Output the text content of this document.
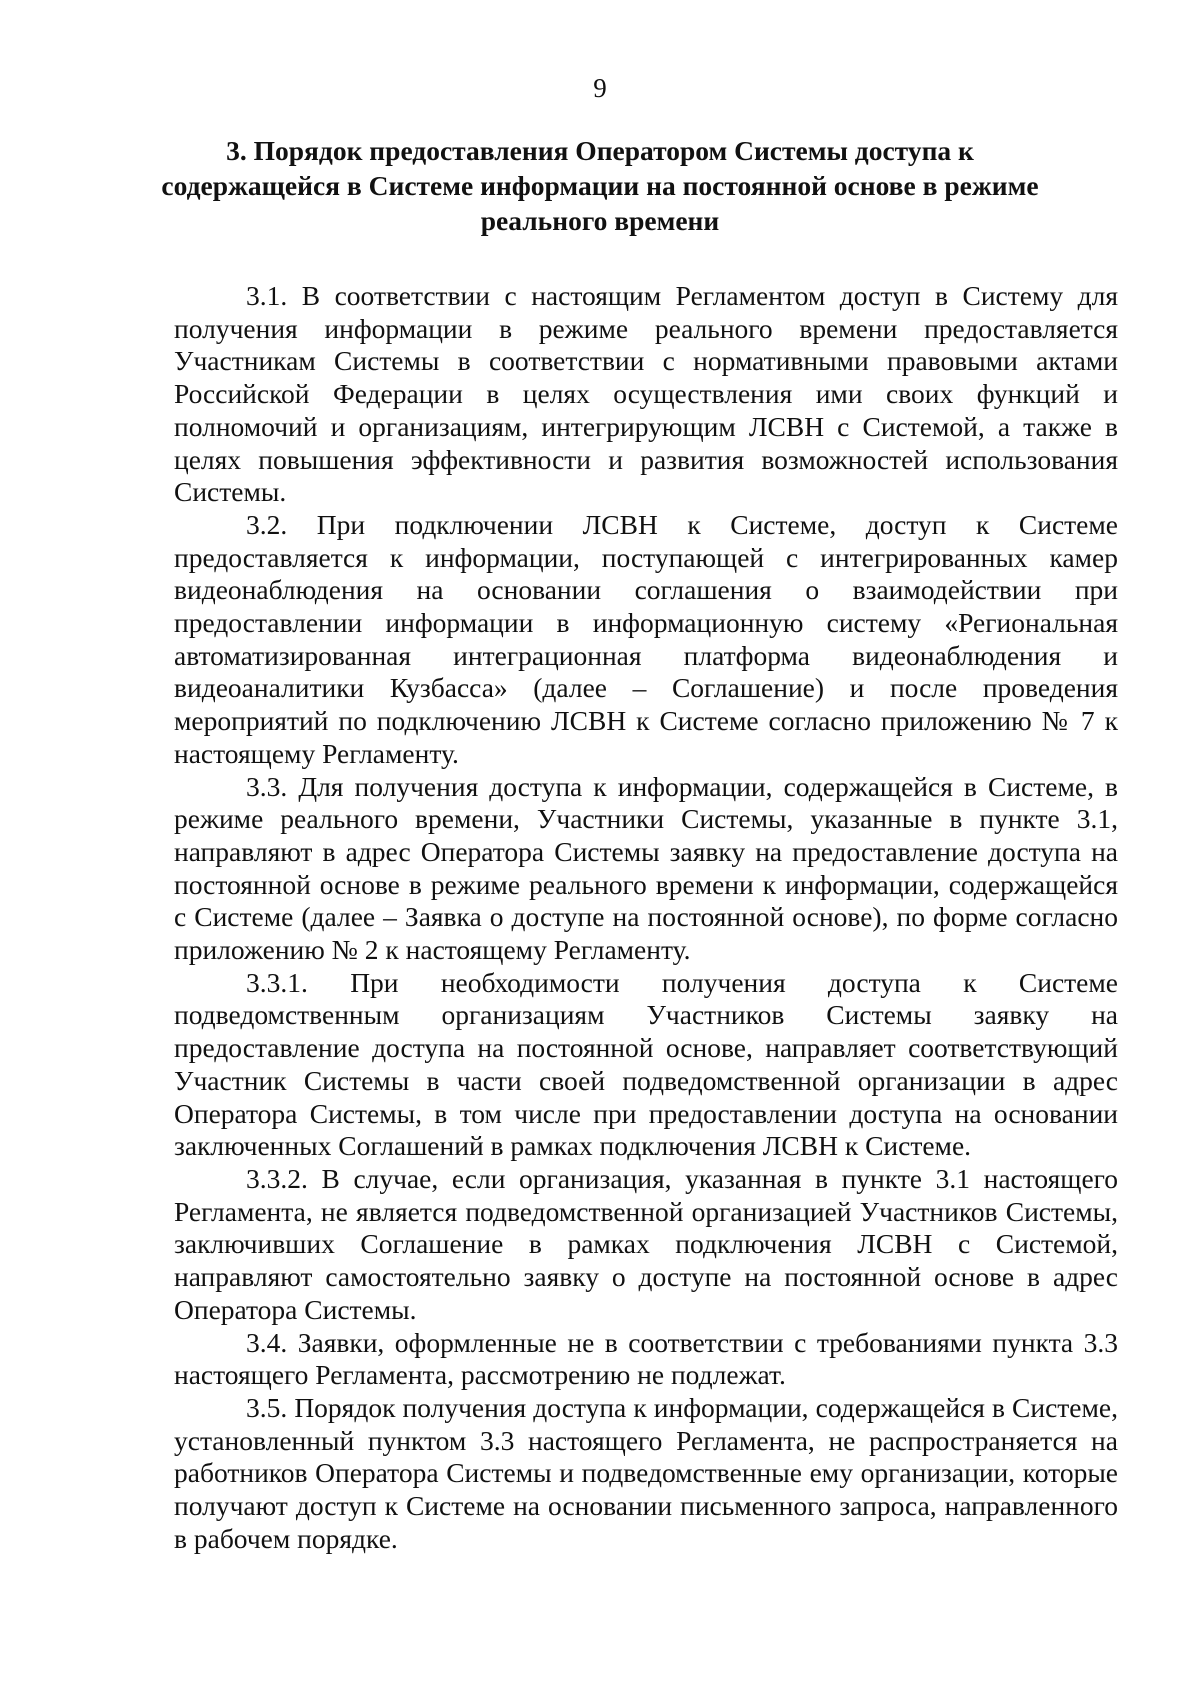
9
3. Порядок предоставления Оператором Системы доступа к
содержащейся в Системе информации на постоянной основе в режиме
реального времени

3.1. В соответствии с настоящим Регламентом доступ в Систему для получения информации в режиме реального времени предоставляется Участникам Системы в соответствии с нормативными правовыми актами Российской Федерации в целях осуществления ими своих функций и полномочий и организациям, интегрирующим ЛСВН с Системой, а также в целях повышения эффективности и развития возможностей использования Системы.

3.2. При подключении ЛСВН к Системе, доступ к Системе предоставляется к информации, поступающей с интегрированных камер видеонаблюдения на основании соглашения о взаимодействии при предоставлении информации в информационную систему «Региональная автоматизированная интеграционная платформа видеонаблюдения и видеоаналитики Кузбасса» (далее – Соглашение) и после проведения мероприятий по подключению ЛСВН к Системе согласно приложению № 7 к настоящему Регламенту.

3.3. Для получения доступа к информации, содержащейся в Системе, в режиме реального времени, Участники Системы, указанные в пункте 3.1, направляют в адрес Оператора Системы заявку на предоставление доступа на постоянной основе в режиме реального времени к информации, содержащейся с Системе (далее – Заявка о доступе на постоянной основе), по форме согласно приложению № 2 к настоящему Регламенту.

3.3.1. При необходимости получения доступа к Системе подведомственным организациям Участников Системы заявку на предоставление доступа на постоянной основе, направляет соответствующий Участник Системы в части своей подведомственной организации в адрес Оператора Системы, в том числе при предоставлении доступа на основании заключенных Соглашений в рамках подключения ЛСВН к Системе.

3.3.2. В случае, если организация, указанная в пункте 3.1 настоящего Регламента, не является подведомственной организацией Участников Системы, заключивших Соглашение в рамках подключения ЛСВН с Системой, направляют самостоятельно заявку о доступе на постоянной основе в адрес Оператора Системы.

3.4. Заявки, оформленные не в соответствии с требованиями пункта 3.3 настоящего Регламента, рассмотрению не подлежат.

3.5. Порядок получения доступа к информации, содержащейся в Системе, установленный пунктом 3.3 настоящего Регламента, не распространяется на работников Оператора Системы и подведомственные ему организации, которые получают доступ к Системе на основании письменного запроса, направленного в рабочем порядке.
